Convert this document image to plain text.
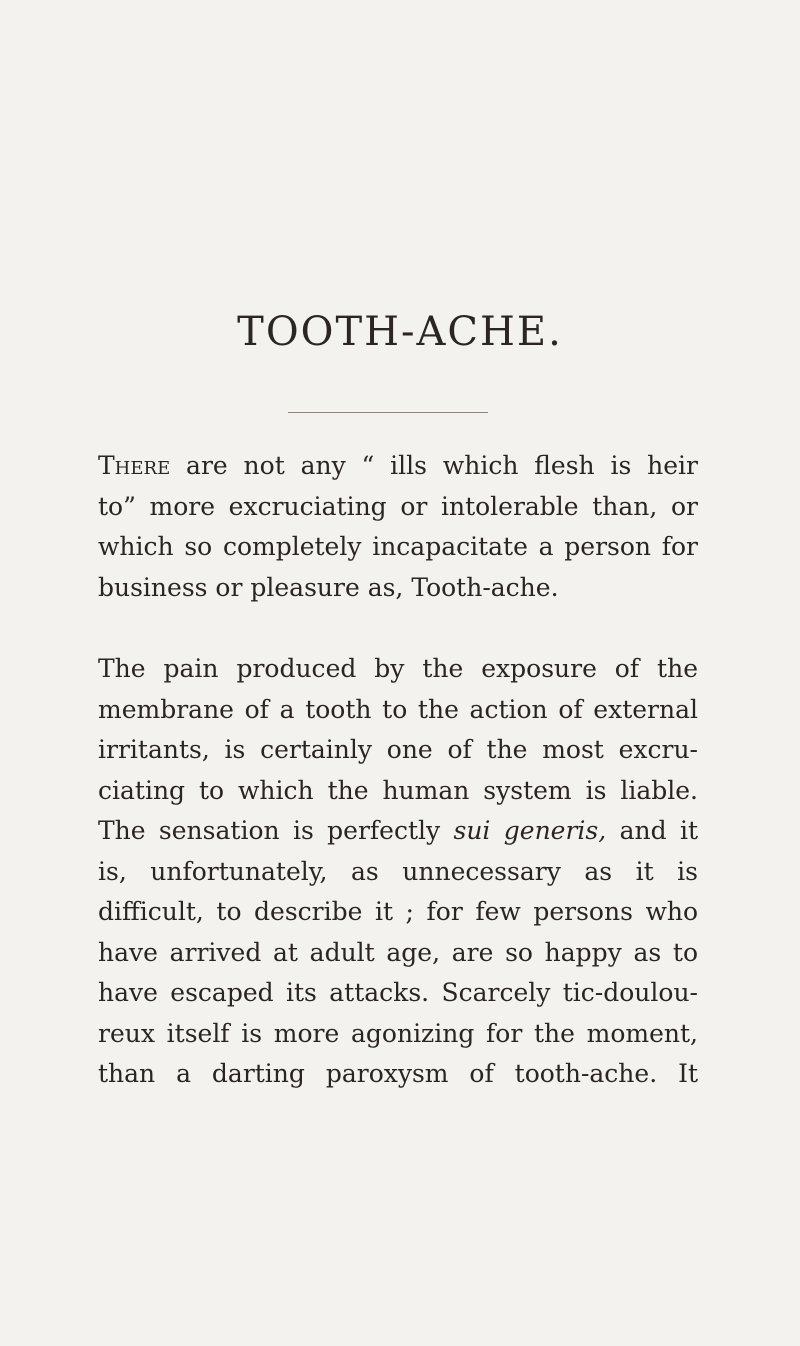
TOOTH-ACHE.
There are not any “ ills which flesh is heir
to” more excruciating or intolerable than, or
which so completely incapacitate a person for
business or pleasure as, Tooth-ache.
The pain produced by the exposure of the
membrane of a tooth to the action of external
irritants, is certainly one of the most excru-
ciating to which the human system is liable.
The sensation is perfectly sui generis, and it
is, unfortunately, as unnecessary as it is
difficult, to describe it ; for few persons who
have arrived at adult age, are so happy as to
have escaped its attacks. Scarcely tic-doulou-
reux itself is more agonizing for the moment,
than a darting paroxysm of tooth-ache. It
